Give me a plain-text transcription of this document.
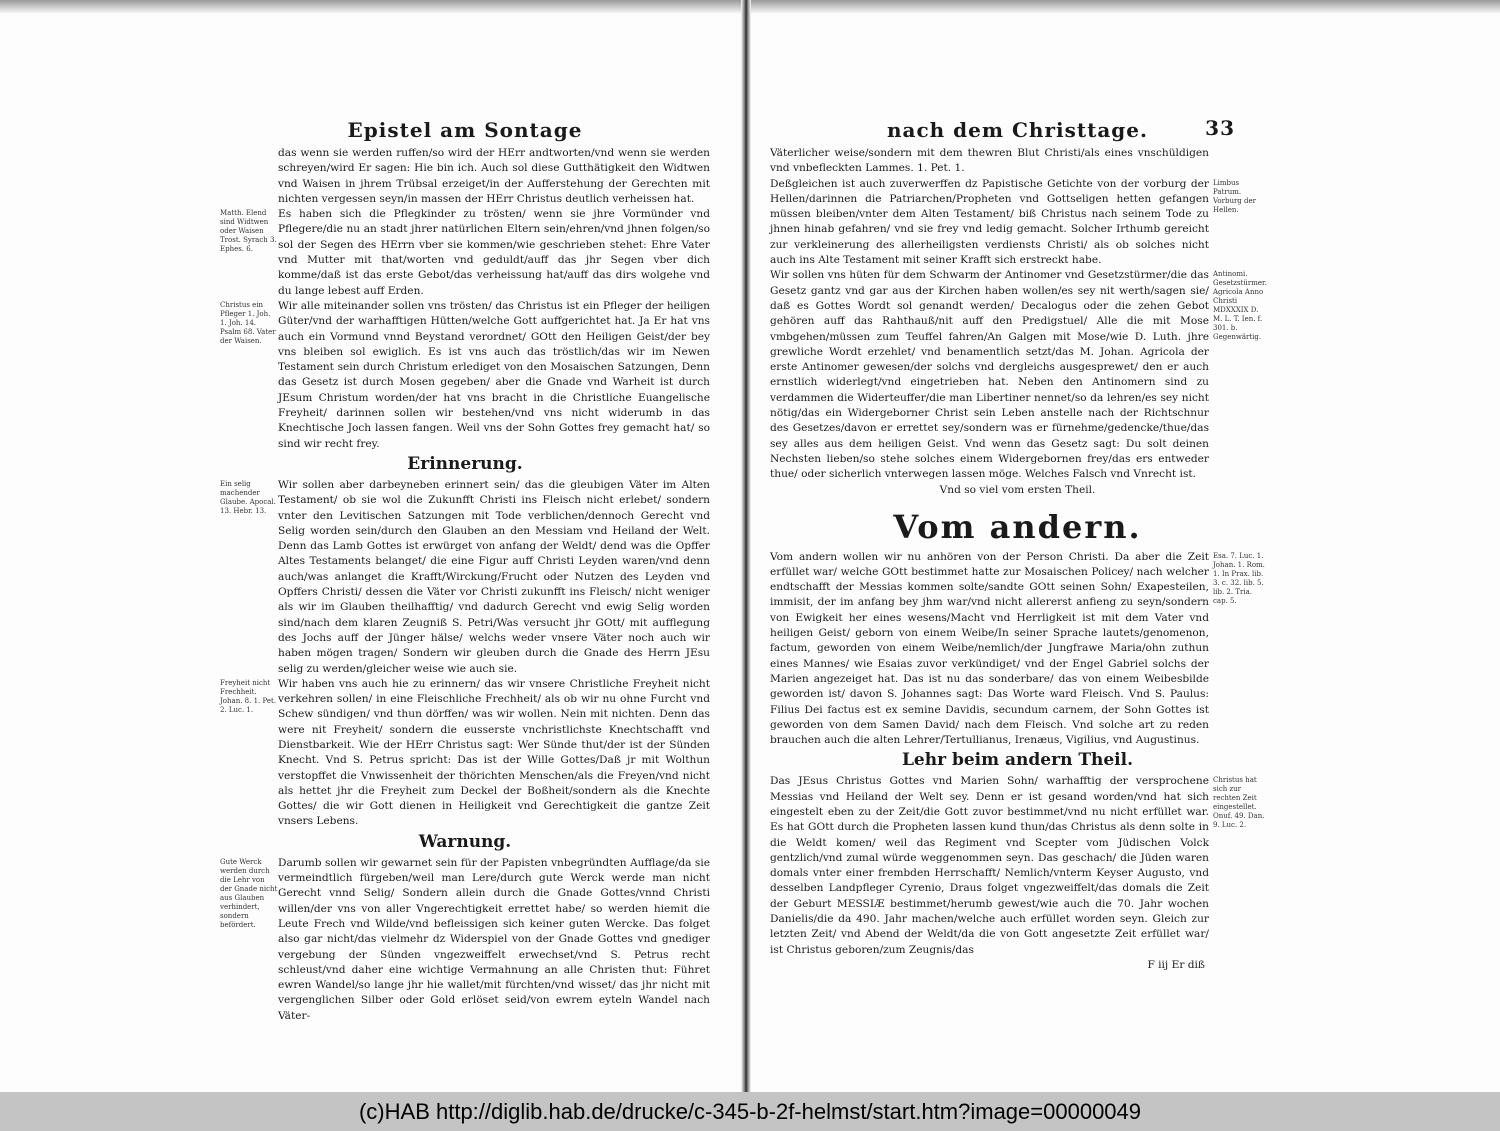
Epistel am Sontage

das wenn sie werden ruffen/so wird der HErr andtworten/vnd wenn sie werden schreyen/wird Er sagen: Hie bin ich. Auch sol diese Gutthätigkeit den Widtwen vnd Waisen in jhrem Trübsal erzeiget/in der Aufferstehung der Gerechten mit nichten vergessen seyn/in massen der HErr Christus deutlich verheissen hat.

Matth. Elend sind Widtwen oder Waisen Trost. Syrach 3. Ephes. 6.

Es haben sich die Pflegkinder zu trösten/ wenn sie jhre Vormünder vnd Pflegere/die nu an stadt jhrer natürlichen Eltern sein/ehren/vnd jhnen folgen/so sol der Segen des HErrn vber sie kommen/wie geschrieben stehet: Ehre Vater vnd Mutter mit that/worten vnd geduldt/auff das jhr Segen vber dich komme/daß ist das erste Gebot/das verheissung hat/auff das dirs wolgehe vnd du lange lebest auff Erden.

Christus ein Pfleger 1. Joh. 1. Joh. 14. Psalm 68. Vater der Waisen.

Wir alle miteinander sollen vns trösten/ das Christus ist ein Pfleger der heiligen Güter/vnd der warhafftigen Hütten/welche Gott auffgerichtet hat. Ja Er hat vns auch ein Vormund vnnd Beystand verordnet/ GOtt den Heiligen Geist/der bey vns bleiben sol ewiglich. Es ist vns auch das tröstlich/das wir im Newen Testament sein durch Christum erlediget von den Mosaischen Satzungen, Denn das Gesetz ist durch Mosen gegeben/ aber die Gnade vnd Warheit ist durch JEsum Christum worden/der hat vns bracht in die Christliche Euangelische Freyheit/ darinnen sollen wir bestehen/vnd vns nicht widerumb in das Knechtische Joch lassen fangen. Weil vns der Sohn Gottes frey gemacht hat/ so sind wir recht frey.

Erinnerung.
Ein selig machender Glaube. Apocal. 13. Hebr. 13.

Wir sollen aber darbeyneben erinnert sein/ das die gleubigen Väter im Alten Testament/ ob sie wol die Zukunfft Christi ins Fleisch nicht erlebet/ sondern vnter den Levitischen Satzungen mit Tode verblichen/dennoch Gerecht vnd Selig worden sein/durch den Glauben an den Messiam vnd Heiland der Welt. Denn das Lamb Gottes ist erwürget von anfang der Weldt/ dend was die Opffer Altes Testaments belanget/ die eine Figur auff Christi Leyden waren/vnd denn auch/was anlanget die Krafft/Wirckung/Frucht oder Nutzen des Leyden vnd Opffers Christi/ dessen die Väter vor Christi zukunfft ins Fleisch/ nicht weniger als wir im Glauben theilhafftig/ vnd dadurch Gerecht vnd ewig Selig worden sind/nach dem klaren Zeugniß S. Petri/Was versucht jhr GOtt/ mit aufflegung des Jochs auff der Jünger hälse/ welchs weder vnsere Väter noch auch wir haben mögen tragen/ Sondern wir gleuben durch die Gnade des Herrn JEsu selig zu werden/gleicher weise wie auch sie.

Freyheit nicht Frechheit. Johan. 8. 1. Pet. 2. Luc. 1.

Wir haben vns auch hie zu erinnern/ das wir vnsere Christliche Freyheit nicht verkehren sollen/ in eine Fleischliche Frechheit/ als ob wir nu ohne Furcht vnd Schew sündigen/ vnd thun dörffen/ was wir wollen. Nein mit nichten. Denn das were nit Freyheit/ sondern die eusserste vnchristlichste Knechtschafft vnd Dienstbarkeit. Wie der HErr Christus sagt: Wer Sünde thut/der ist der Sünden Knecht. Vnd S. Petrus spricht: Das ist der Wille Gottes/Daß jr mit Wolthun verstopffet die Vnwissenheit der thörichten Menschen/als die Freyen/vnd nicht als hettet jhr die Freyheit zum Deckel der Boßheit/sondern als die Knechte Gottes/ die wir Gott dienen in Heiligkeit vnd Gerechtigkeit die gantze Zeit vnsers Lebens.

Warnung.
Gute Werck werden durch die Lehr von der Gnade nicht aus Glauben verhindert, sondern befördert.

Darumb sollen wir gewarnet sein für der Papisten vnbegründten Aufflage/da sie vermeindtlich fürgeben/weil man Lere/durch gute Werck werde man nicht Gerecht vnnd Selig/ Sondern allein durch die Gnade Gottes/vnnd Christi willen/der vns von aller Vngerechtigkeit errettet habe/ so werden hiemit die Leute Frech vnd Wilde/vnd befleissigen sich keiner guten Wercke. Das folget also gar nicht/das vielmehr dz Widerspiel von der Gnade Gottes vnd gnediger vergebung der Sünden vngezweiffelt erwechset/vnd S. Petrus recht schleust/vnd daher eine wichtige Vermahnung an alle Christen thut: Führet ewren Wandel/so lange jhr hie wallet/mit fürchten/vnd wisset/ das jhr nicht mit vergenglichen Silber oder Gold erlöset seid/von ewrem eyteln Wandel nach Väter-

nach dem Christtage.	33

Väterlicher weise/sondern mit dem thewren Blut Christi/als eines vnschüldigen vnd vnbefleckten Lammes. 1. Pet. 1.

Limbus Patrum. Vorburg der Hellen.

Deßgleichen ist auch zuverwerffen dz Papistische Getichte von der vorburg der Hellen/darinnen die Patriarchen/Propheten vnd Gottseligen hetten gefangen müssen bleiben/vnter dem Alten Testament/ biß Christus nach seinem Tode zu jhnen hinab gefahren/ vnd sie frey vnd ledig gemacht. Solcher Irthumb gereicht zur verkleinerung des allerheiligsten verdiensts Christi/ als ob solches nicht auch ins Alte Testament mit seiner Krafft sich erstreckt habe.

Antinomi. Gesetzstürmer. Agricola Anno Christi MDXXXIX D. M. L. T. Ien. f. 301. b. Gegenwärtig.

Wir sollen vns hüten für dem Schwarm der Antinomer vnd Gesetzstürmer/die das Gesetz gantz vnd gar aus der Kirchen haben wollen/es sey nit werth/sagen sie/ daß es Gottes Wordt sol genandt werden/ Decalogus oder die zehen Gebot gehören auff das Rahthauß/nit auff den Predigstuel/ Alle die mit Mose vmbgehen/müssen zum Teuffel fahren/An Galgen mit Mose/wie D. Luth. jhre grewliche Wordt erzehlet/ vnd benamentlich setzt/das M. Johan. Agricola der erste Antinomer gewesen/der solchs vnd dergleichs ausgesprewet/ den er auch ernstlich widerlegt/vnd eingetrieben hat. Neben den Antinomern sind zu verdammen die Widerteuffer/die man Libertiner nennet/so da lehren/es sey nicht nötig/das ein Widergeborner Christ sein Leben anstelle nach der Richtschnur des Gesetzes/davon er errettet sey/sondern was er fürnehme/gedencke/thue/das sey alles aus dem heiligen Geist. Vnd wenn das Gesetz sagt: Du solt deinen Nechsten lieben/so stehe solches einem Widergebornen frey/das ers entweder thue/ oder sicherlich vnterwegen lassen möge. Welches Falsch vnd Vnrecht ist.

Vnd so viel vom ersten Theil.

Vom andern.
Esa. 7. Luc. 1. Johan. 1. Rom. 1. In Prax. lib. 3. c. 32. lib. 5. lib. 2. Tria. cap. 5.

Vom andern wollen wir nu anhören von der Person Christi. Da aber die Zeit erfüllet war/ welche GOtt bestimmet hatte zur Mosaischen Policey/ nach welcher endtschafft der Messias kommen solte/sandte GOtt seinen Sohn/ Exapesteilen, immisit, der im anfang bey jhm war/vnd nicht allererst anfieng zu seyn/sondern von Ewigkeit her eines wesens/Macht vnd Herrligkeit ist mit dem Vater vnd heiligen Geist/ geborn von einem Weibe/In seiner Sprache lautets/genomenon, factum, geworden von einem Weibe/nemlich/der Jungfrawe Maria/ohn zuthun eines Mannes/ wie Esaias zuvor verkündiget/ vnd der Engel Gabriel solchs der Marien angezeiget hat. Das ist nu das sonderbare/ das von einem Weibesbilde geworden ist/ davon S. Johannes sagt: Das Worte ward Fleisch. Vnd S. Paulus: Filius Dei factus est ex semine Davidis, secundum carnem, der Sohn Gottes ist geworden von dem Samen David/ nach dem Fleisch. Vnd solche art zu reden brauchen auch die alten Lehrer/Tertullianus, Irenæus, Vigilius, vnd Augustinus.

Lehr beim andern Theil.
Christus hat sich zur rechten Zeit eingestellet. Onuf. 49. Dan. 9. Luc. 2.

Das JEsus Christus Gottes vnd Marien Sohn/ warhafftig der versprochene Messias vnd Heiland der Welt sey. Denn er ist gesand worden/vnd hat sich eingestelt eben zu der Zeit/die Gott zuvor bestimmet/vnd nu nicht erfüllet war. Es hat GOtt durch die Propheten lassen kund thun/das Christus als denn solte in die Weldt komen/ weil das Regiment vnd Scepter vom Jüdischen Volck gentzlich/vnd zumal würde weggenommen seyn. Das geschach/ die Jüden waren domals vnter einer frembden Herrschafft/ Nemlich/vnterm Keyser Augusto, vnd desselben Landpfleger Cyrenio, Draus folget vngezweiffelt/das domals die Zeit der Geburt MESSIÆ bestimmet/herumb gewest/wie auch die 70. Jahr wochen Danielis/die da 490. Jahr machen/welche auch erfüllet worden seyn. Gleich zur letzten Zeit/ vnd Abend der Weldt/da die von Gott angesetzte Zeit erfüllet war/ ist Christus geboren/zum Zeugnis/das

F iij Er diß

(c)HAB http://diglib.hab.de/drucke/c-345-b-2f-helmst/start.htm?image=00000049
